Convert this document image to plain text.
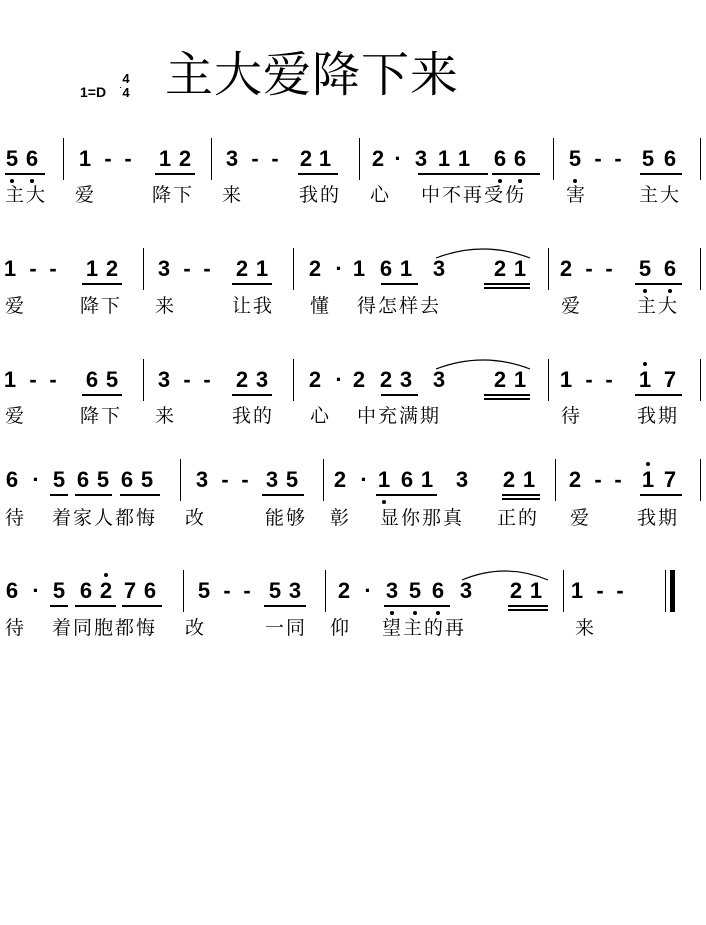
主大爱降下来
1=D
4
4
5 6 1 - - 1 2 3 - - 2 1 2 · 3 1 1 6 6 5 - - 5 6
主大 爱	降下 来	我的 心 中不再受伤 害	主大
1 - - 1 2 3 - - 2 1 2 · 1 6 1 3 2 1 2 - - 5 6
爱	降下 来	让我 懂 得怎样去	爱	主大
1 - - 6 5 3 - - 2 3 2 · 2 2 3 3 2 1 1 - - 1 7
爱	降下 来	我的 心 中充满期	待	我期
6 · 5 6 5 6 5 3 - - 3 5 2 · 1 6 1 3 2 1 2 - - 1 7
待 着家人都悔 改	能够 彰 显你那真 正的 爱 我期
6 · 5 6 2 7 6 5 - - 5 3 2 · 3 5 6 3 2 1 1 - -
待 着同胞都悔 改	一同 仰 望主的再	来
